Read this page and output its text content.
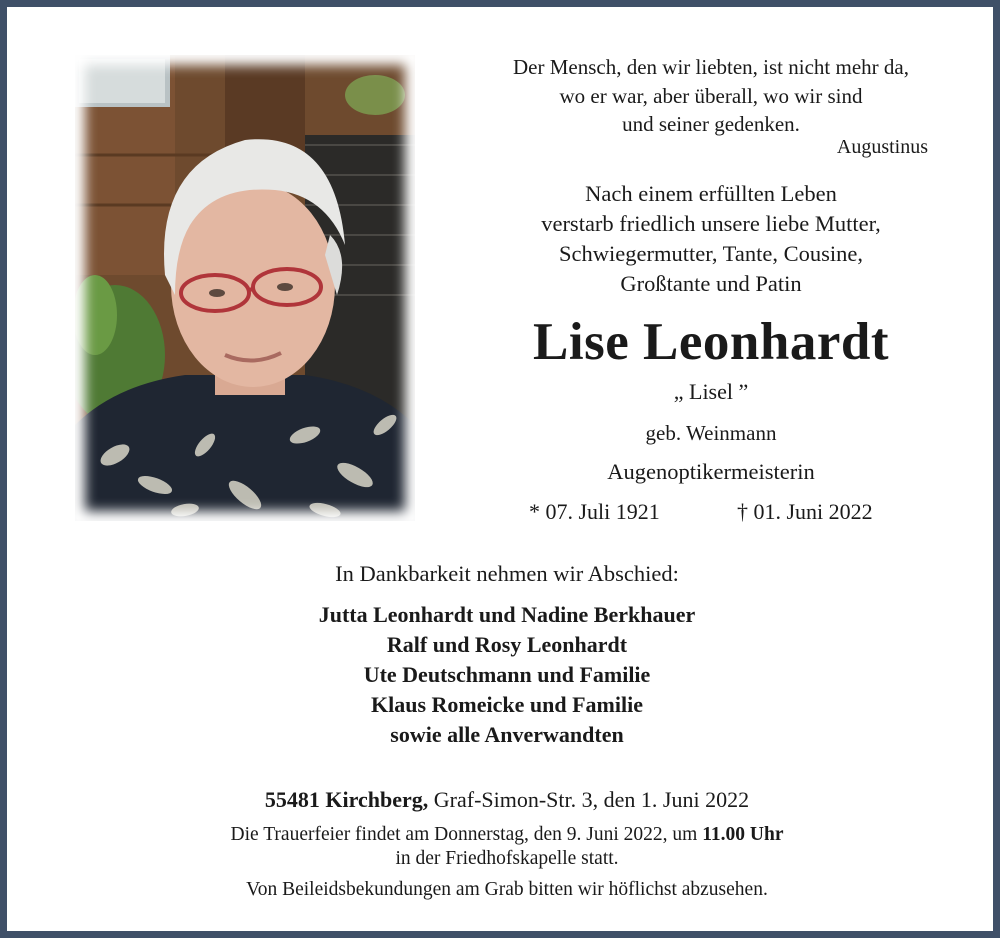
Der Mensch, den wir liebten, ist nicht mehr da,
wo er war, aber überall, wo wir sind
und seiner gedenken.
Augustinus
Nach einem erfüllten Leben
verstarb friedlich unsere liebe Mutter,
Schwiegermutter, Tante, Cousine,
Großtante und Patin
Lise Leonhardt
„ Lisel ”
geb. Weinmann
Augenoptikermeisterin
* 07. Juli 1921	† 01. Juni 2022
In Dankbarkeit nehmen wir Abschied:
Jutta Leonhardt und Nadine Berkhauer
Ralf und Rosy Leonhardt
Ute Deutschmann und Familie
Klaus Romeicke und Familie
sowie alle Anverwandten
55481 Kirchberg, Graf-Simon-Str. 3, den 1. Juni 2022
Die Trauerfeier findet am Donnerstag, den 9. Juni 2022, um 11.00 Uhr
in der Friedhofskapelle statt.
Von Beileidsbekundungen am Grab bitten wir höflichst abzusehen.
